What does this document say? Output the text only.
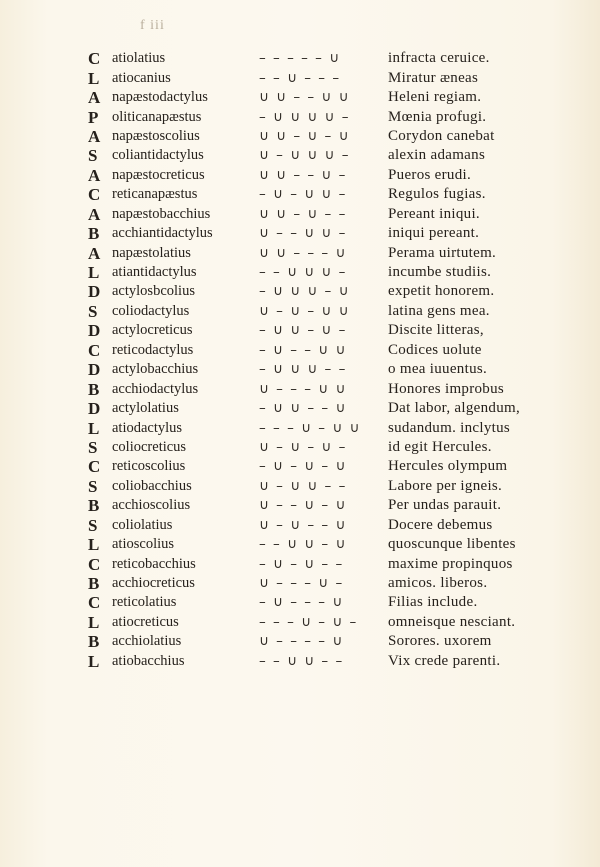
f iii
C atiolatius	– – – – – ∪	infracta ceruice.
L atiocanius	– – ∪ – – –	Miratur æneas
A napæstodactylus	∪ ∪ – – ∪ ∪	Heleni regiam.
P oliticanapæstus	– ∪ ∪ ∪ ∪ –	Mœnia profugi.
A napæstoscolius	∪ ∪ – ∪ – ∪	Corydon canebat
S	coliantidactylus	∪ – ∪ ∪ ∪ –	alexin adamans
A napæstocreticus	∪ ∪ – – ∪ –	Pueros erudi.
C reticanapæstus	– ∪ – ∪ ∪ –	Regulos fugias.
A napæstobacchius	∪ ∪ – ∪ – –	Pereant iniqui.
B acchiantidactylus	∪ – – ∪ ∪ –	iniqui pereant.
A napæstolatius	∪ ∪ – – – ∪	Perama uirtutem.
L atiantidactylus	– – ∪ ∪ ∪ –	incumbe studiis.
D actylosbcolius	– ∪ ∪ ∪ – ∪	expetit honorem.
S	coliodactylus	∪ – ∪ – ∪ ∪	latina gens mea.
D actylocreticus	– ∪ ∪ – ∪ –	Discite litteras,
C reticodactylus	– ∪ – – ∪ ∪	Codices uolute
D actylobacchius	– ∪ ∪ ∪ – –	o mea iuuentus.
B acchiodactylus	∪ – – – ∪ ∪	Honores improbus
D actylolatius	– ∪ ∪ – – ∪	Dat labor, algendum,
L atiodactylus	– – – ∪ – ∪ ∪	sudandum. inclytus
S	coliocreticus	∪ – ∪ – ∪ –	id egit Hercules.
C reticoscolius	– ∪ – ∪ – ∪	Hercules olympum
S	coliobacchius	∪ – ∪ ∪ – –	Labore per igneis.
B acchioscolius	∪ – – ∪ – ∪	Per undas parauit.
S	coliolatius	∪ – ∪ – – ∪	Docere debemus
L atioscolius	– – ∪ ∪ – ∪	quoscunque libentes
C reticobacchius	– ∪ – ∪ – –	maxime propinquos
B acchiocreticus	∪ – – – ∪ –	amicos. liberos.
C reticolatius	– ∪ – – – ∪	Filias include.
L atiocreticus	– – – ∪ – ∪ –	omneisque nesciant.
B acchiolatius	∪ – – – – ∪	Sorores. uxorem
L atiobacchius	– – ∪ ∪ – –	Vix crede parenti.
